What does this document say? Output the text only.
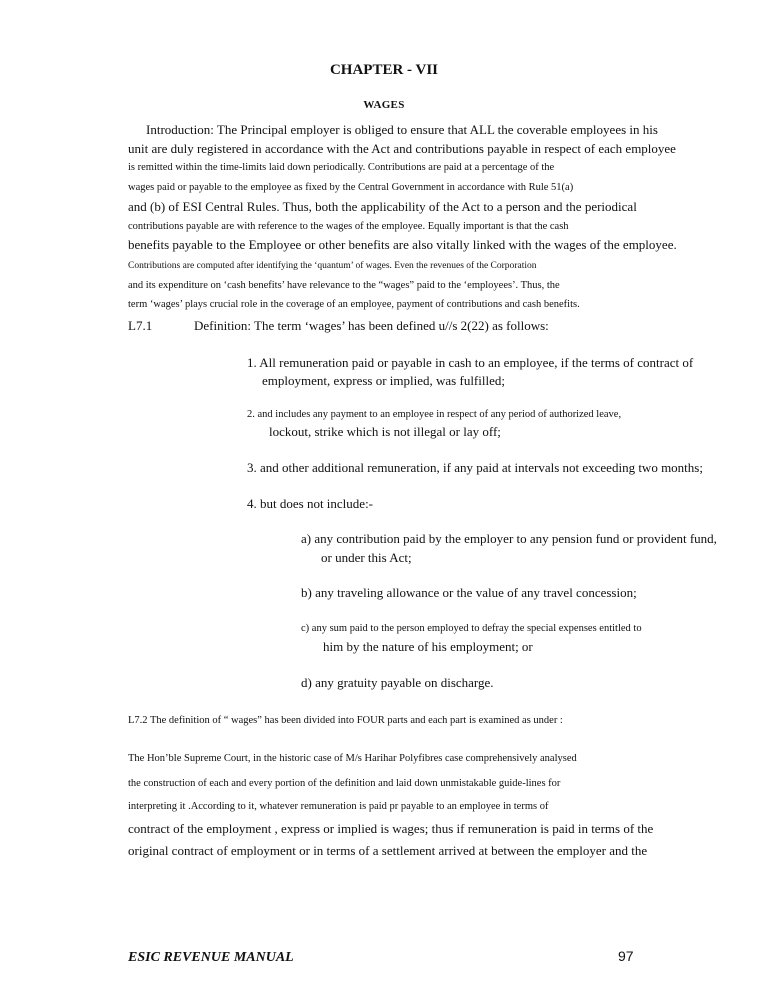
CHAPTER - VII
WAGES
Introduction: The Principal employer is obliged to ensure that ALL the coverable employees in his
unit are duly registered in accordance with the Act and contributions payable in respect of each employee
is remitted within the time-limits laid down periodically. Contributions are paid at a percentage of the
wages paid or payable to the employee as fixed by the Central Government in accordance with Rule 51(a)
and (b) of ESI Central Rules. Thus, both the applicability of the Act to a person and the periodical
contributions payable are with reference to the wages of the employee. Equally important is that the cash
benefits payable to the Employee or other benefits are also vitally linked with the wages of the employee.
Contributions are computed after identifying the ‘quantum’ of wages. Even the revenues of the Corporation
and its expenditure on ‘cash benefits’ have relevance to the “wages” paid to the ‘employees’. Thus, the
term ‘wages’ plays crucial role in the coverage of an employee, payment of contributions and cash benefits.
L7.1	Definition: The term ‘wages’ has been defined u//s 2(22) as follows:
1. All remuneration paid or payable in cash to an employee, if the terms of contract of
employment, express or implied, was fulfilled;
2. and includes any payment to an employee in respect of any period of authorized leave,
lockout, strike which is not illegal or lay off;
3. and other additional remuneration, if any paid at intervals not exceeding two months;
4. but does not include:-
a) any contribution paid by the employer to any pension fund or provident fund,
or under this Act;
b) any traveling allowance or the value of any travel concession;
c) any sum paid to the person employed to defray the special expenses entitled to
him by the nature of his employment; or
d) any gratuity payable on discharge.
L7.2 The definition of “ wages” has been divided into FOUR parts and each part is examined as under :
The Hon’ble Supreme Court, in the historic case of M/s Harihar Polyfibres case comprehensively analysed
the construction of each and every portion of the definition and laid down unmistakable guide-lines for
interpreting it .According to it, whatever remuneration is paid pr payable to an employee in terms of
contract of the employment , express or implied is wages; thus if remuneration is paid in terms of the
original contract of employment or in terms of a settlement arrived at between the employer and the
ESIC REVENUE MANUAL	97
